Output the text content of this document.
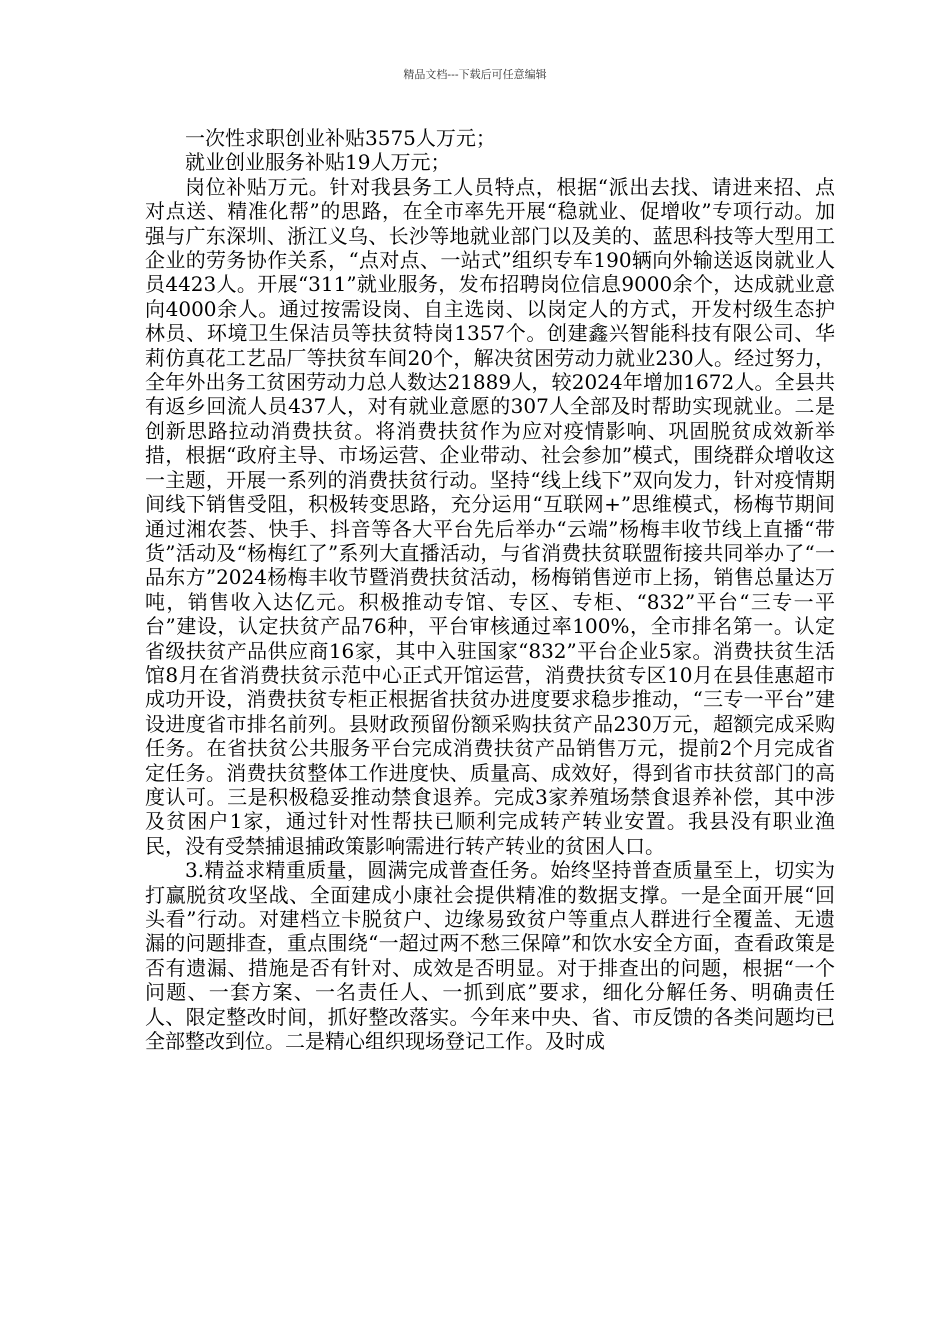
精品文档---下载后可任意编辑

一次性求职创业补贴3575人万元；

就业创业服务补贴19人万元；

岗位补贴万元。针对我县务工人员特点，根据“派出去找、请进来招、点对点送、精准化帮”的思路，在全市率先开展“稳就业、促增收”专项行动。加强与广东深圳、浙江义乌、长沙等地就业部门以及美的、蓝思科技等大型用工企业的劳务协作关系，“点对点、一站式”组织专车190辆向外输送返岗就业人员4423人。开展“311”就业服务，发布招聘岗位信息9000余个，达成就业意向4000余人。通过按需设岗、自主选岗、以岗定人的方式，开发村级生态护林员、环境卫生保洁员等扶贫特岗1357个。创建鑫兴智能科技有限公司、华莉仿真花工艺品厂等扶贫车间20个，解决贫困劳动力就业230人。经过努力，全年外出务工贫困劳动力总人数达21889人，较2024年增加1672人。全县共有返乡回流人员437人，对有就业意愿的307人全部及时帮助实现就业。二是创新思路拉动消费扶贫。将消费扶贫作为应对疫情影响、巩固脱贫成效新举措，根据“政府主导、市场运营、企业带动、社会参加”模式，围绕群众增收这一主题，开展一系列的消费扶贫行动。坚持“线上线下”双向发力，针对疫情期间线下销售受阻，积极转变思路，充分运用“互联网+”思维模式，杨梅节期间通过湘农荟、快手、抖音等各大平台先后举办“云端”杨梅丰收节线上直播“带货”活动及“杨梅红了”系列大直播活动，与省消费扶贫联盟衔接共同举办了“一品东方”2024杨梅丰收节暨消费扶贫活动，杨梅销售逆市上扬，销售总量达万吨，销售收入达亿元。积极推动专馆、专区、专柜、“832”平台“三专一平台”建设，认定扶贫产品76种，平台审核通过率100%，全市排名第一。认定省级扶贫产品供应商16家，其中入驻国家“832”平台企业5家。消费扶贫生活馆8月在省消费扶贫示范中心正式开馆运营，消费扶贫专区10月在县佳惠超市成功开设，消费扶贫专柜正根据省扶贫办进度要求稳步推动，“三专一平台”建设进度省市排名前列。县财政预留份额采购扶贫产品230万元，超额完成采购任务。在省扶贫公共服务平台完成消费扶贫产品销售万元，提前2个月完成省定任务。消费扶贫整体工作进度快、质量高、成效好，得到省市扶贫部门的高度认可。三是积极稳妥推动禁食退养。完成3家养殖场禁食退养补偿，其中涉及贫困户1家，通过针对性帮扶已顺利完成转产转业安置。我县没有职业渔民，没有受禁捕退捕政策影响需进行转产转业的贫困人口。

3.精益求精重质量，圆满完成普查任务。始终坚持普查质量至上，切实为打赢脱贫攻坚战、全面建成小康社会提供精准的数据支撑。一是全面开展“回头看”行动。对建档立卡脱贫户、边缘易致贫户等重点人群进行全覆盖、无遗漏的问题排查，重点围绕“一超过两不愁三保障”和饮水安全方面，查看政策是否有遗漏、措施是否有针对、成效是否明显。对于排查出的问题，根据“一个问题、一套方案、一名责任人、一抓到底”要求，细化分解任务、明确责任人、限定整改时间，抓好整改落实。今年来中央、省、市反馈的各类问题均已全部整改到位。二是精心组织现场登记工作。及时成
